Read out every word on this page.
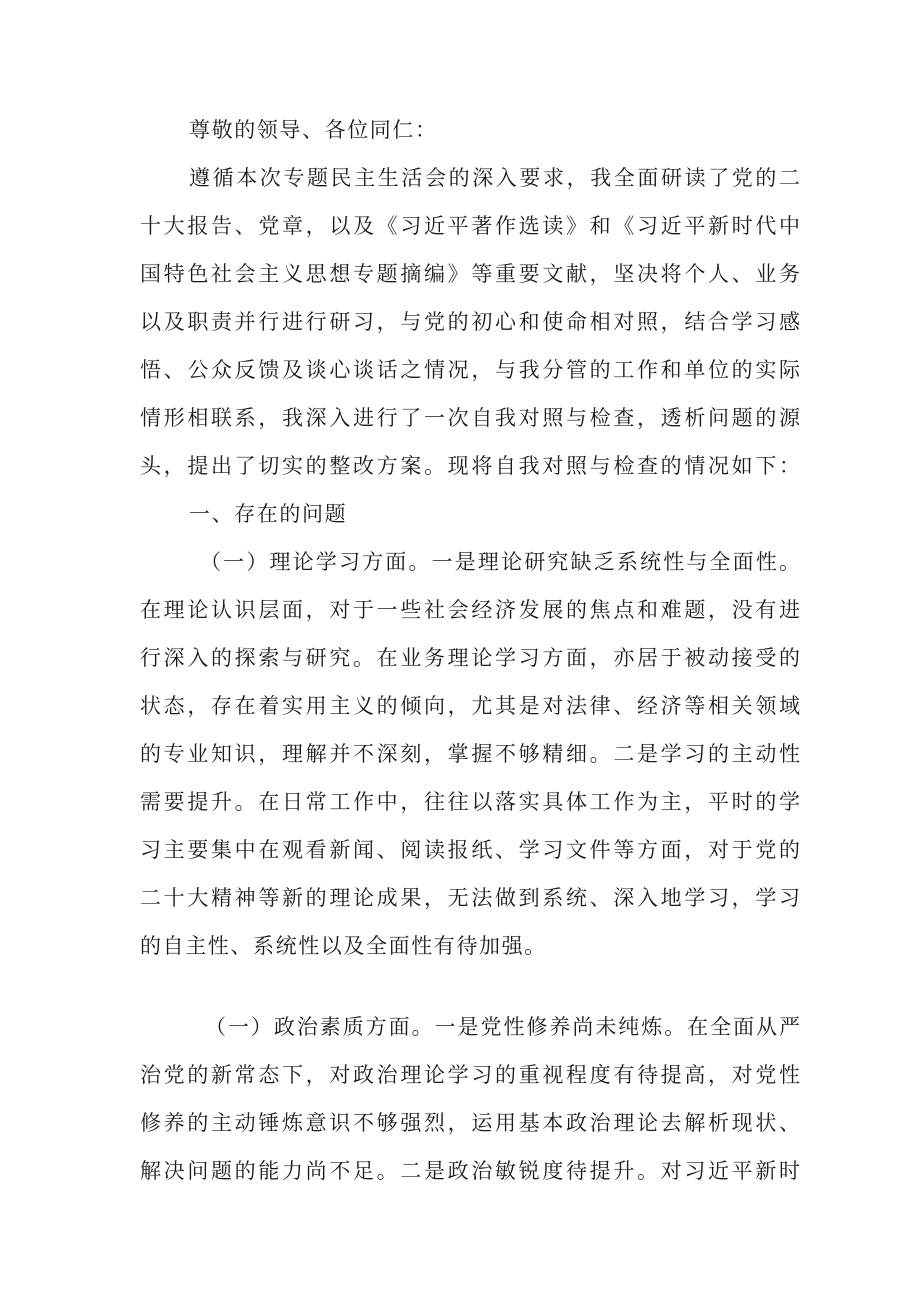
尊敬的领导、各位同仁：

遵循本次专题民主生活会的深入要求，我全面研读了党的二

十大报告、党章，以及《习近平著作选读》和《习近平新时代中

国特色社会主义思想专题摘编》等重要文献，坚决将个人、业务

以及职责并行进行研习，与党的初心和使命相对照，结合学习感

悟、公众反馈及谈心谈话之情况，与我分管的工作和单位的实际

情形相联系，我深入进行了一次自我对照与检查，透析问题的源

头，提出了切实的整改方案。现将自我对照与检查的情况如下：

一、存在的问题

（一）理论学习方面。一是理论研究缺乏系统性与全面性。

在理论认识层面，对于一些社会经济发展的焦点和难题，没有进

行深入的探索与研究。在业务理论学习方面，亦居于被动接受的

状态，存在着实用主义的倾向，尤其是对法律、经济等相关领域

的专业知识，理解并不深刻，掌握不够精细。二是学习的主动性

需要提升。在日常工作中，往往以落实具体工作为主，平时的学

习主要集中在观看新闻、阅读报纸、学习文件等方面，对于党的

二十大精神等新的理论成果，无法做到系统、深入地学习，学习

的自主性、系统性以及全面性有待加强。

（一）政治素质方面。一是党性修养尚未纯炼。在全面从严

治党的新常态下，对政治理论学习的重视程度有待提高，对党性

修养的主动锤炼意识不够强烈，运用基本政治理论去解析现状、

解决问题的能力尚不足。二是政治敏锐度待提升。对习近平新时
